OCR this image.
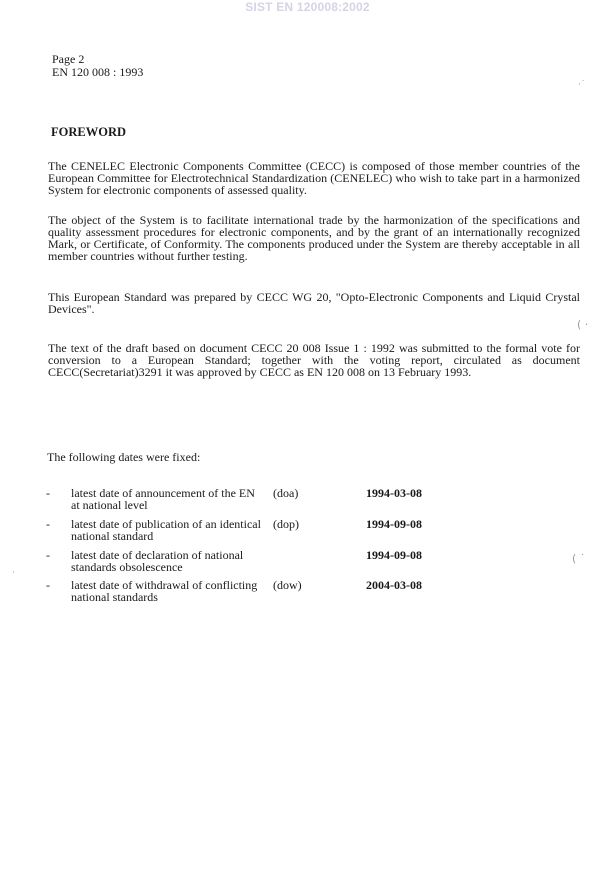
SIST EN 120008:2002
Page 2
EN 120 008 : 1993
FOREWORD

The CENELEC Electronic Components Committee (CECC) is composed of those member countries of the European Committee for Electrotechnical Standardization (CENELEC) who wish to take part in a harmonized System for electronic components of assessed quality.

The object of the System is to facilitate international trade by the harmonization of the specifications and quality assessment procedures for electronic components, and by the grant of an internationally recognized Mark, or Certificate, of Conformity. The components produced under the System are thereby acceptable in all member countries without further testing.

This European Standard was prepared by CECC WG 20, "Opto-Electronic Components and Liquid Crystal Devices".

The text of the draft based on document CECC 20 008 Issue 1 : 1992 was submitted to the formal vote for conversion to a European Standard; together with the voting report, circulated as document CECC(Secretariat)3291 it was approved by CECC as EN 120 008 on 13 February 1993.

The following dates were fixed:
- latest date of announcement of the EN at national level
(doa)	1994-03-08
- latest date of publication of an identical national standard
(dop)	1994-09-08
- latest date of declaration of national standards obsolescence
1994-09-08
- latest date of withdrawal of conflicting national standards
(dow)	2004-03-08
·˙
( ·
( ˙
·
